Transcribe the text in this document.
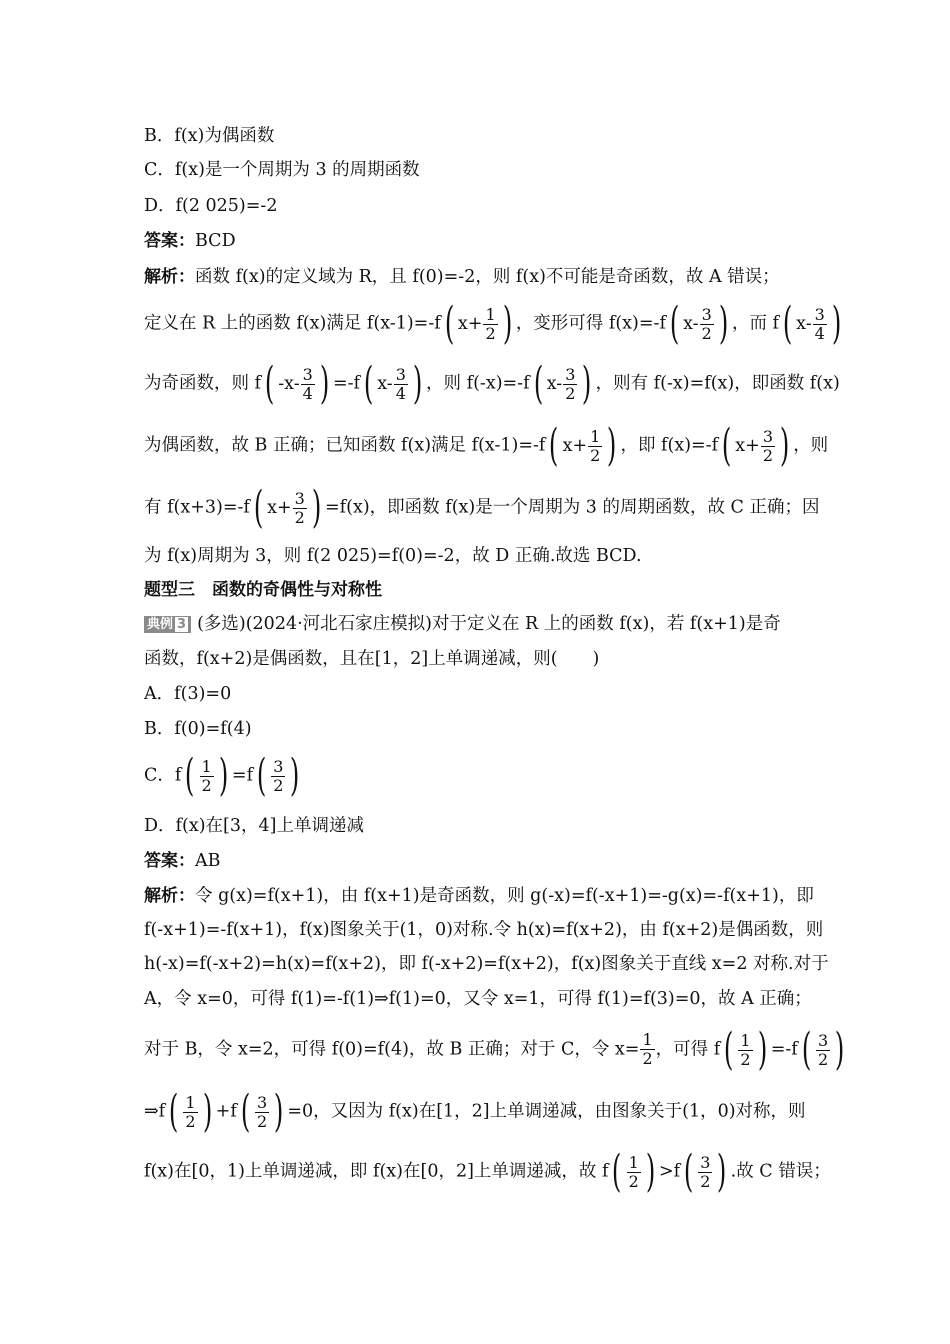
B．f(x)为偶函数
C．f(x)是一个周期为 3 的周期函数
D．f(2 025)=-2
答案：BCD
解析：函数 f(x)的定义域为 R，且 f(0)=-2，则 f(x)不可能是奇函数，故 A 错误；
定义在 R 上的函数 f(x)满足 f(x-1)=-f( $x+ \frac{1}{2}$ ) ，变形可得 f(x)=-f( $x- \frac{3}{2}$ ) ，而 f( $x- \frac{3}{4}$ )
为奇函数，则 f( $-x- \frac{3}{4}$ ) =-f( $x- \frac{3}{4}$ ) ，则 f(-x)=-f( $x- \frac{3}{2}$ ) ，则有 f(-x)=f(x)，即函数 f(x)
为偶函数，故 B 正确；已知函数 f(x)满足 f(x-1)=-f( $x+ \frac{1}{2}$ ) ，即 f(x)=-f( $x+ \frac{3}{2}$ ) ，则
有 f(x+3)=-f( $x+ \frac{3}{2}$ ) =f(x)，即函数 f(x)是一个周期为 3 的周期函数，故 C 正确；因
为 f(x)周期为 3，则 f(2 025)=f(0)=-2，故 D 正确.故选 BCD.
题型三　函数的奇偶性与对称性
典例 3 (多选)(2024·河北石家庄模拟)对于定义在 R 上的函数 f(x)，若 f(x+1)是奇
函数，f(x+2)是偶函数，且在[1，2]上单调递减，则(　　)
A．f(3)=0
B．f(0)=f(4)
C．$f( \frac{1}{2}$ ) $=f( \frac{3}{2}$ )
D．f(x)在[3，4]上单调递减
答案：AB
解析：令 g(x)=f(x+1)，由 f(x+1)是奇函数，则 g(-x)=f(-x+1)=-g(x)=-f(x+1)，即
f(-x+1)=-f(x+1)，f(x)图象关于(1，0)对称.令 h(x)=f(x+2)，由 f(x+2)是偶函数，则
h(-x)=f(-x+2)=h(x)=f(x+2)，即 f(-x+2)=f(x+2)，f(x)图象关于直线 x=2 对称.对于
A，令 x=0，可得 f(1)=-f(1)⇒f(1)=0，又令 x=1，可得 f(1)=f(3)=0，故 A 正确；
对于 B，令 x=2，可得 f(0)=f(4)，故 B 正确；对于 C，令 $x= \frac{1}{2}$ ，可得 $f( \frac{1}{2}$ ) $=-f( \frac{3}{2}$ )
⇒f( $\frac{1}{2}$ ) $+f( \frac{3}{2}$ ) =0，又因为 f(x)在[1，2]上单调递减，由图象关于(1，0)对称，则
f(x)在[0，1)上单调递减，即 f(x)在[0，2]上单调递减，故 $f( \frac{1}{2}$ ) $>f( \frac{3}{2}$ ) .故 C 错误；
